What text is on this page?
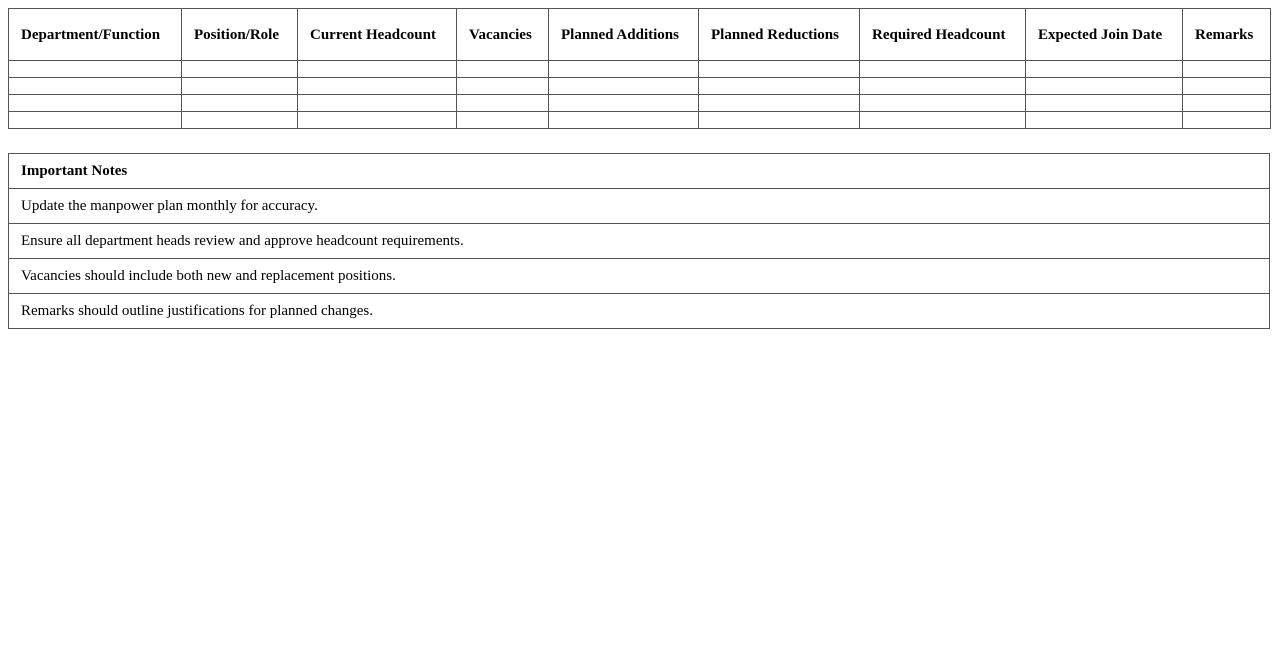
Department/Function	Position/Role	Current Headcount	Vacancies	Planned Additions	Planned Reductions	Required Headcount	Expected Join Date	Remarks

Important Notes
Update the manpower plan monthly for accuracy.
Ensure all department heads review and approve headcount requirements.
Vacancies should include both new and replacement positions.
Remarks should outline justifications for planned changes.
